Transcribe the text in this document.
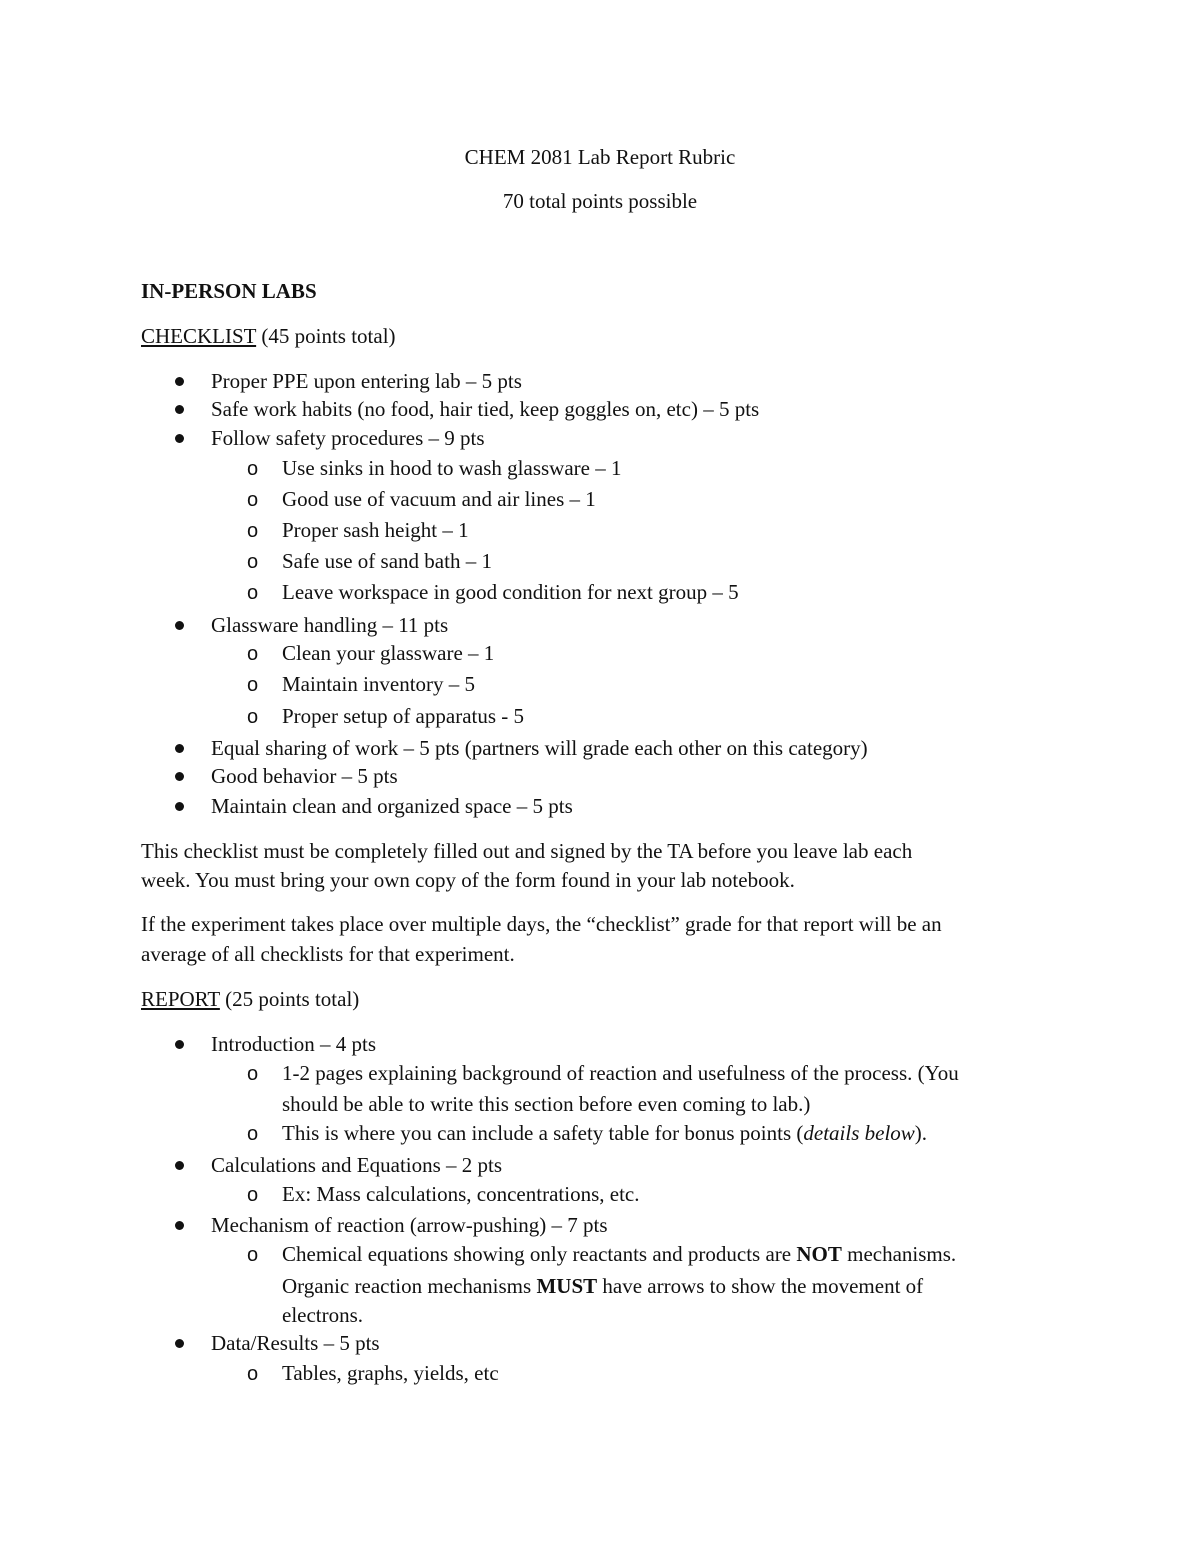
CHEM 2081 Lab Report Rubric
70 total points possible
IN-PERSON LABS
CHECKLIST (45 points total)
Proper PPE upon entering lab – 5 pts
Safe work habits (no food, hair tied, keep goggles on, etc) – 5 pts
Follow safety procedures – 9 pts
o Use sinks in hood to wash glassware – 1
o Good use of vacuum and air lines – 1
o Proper sash height – 1
o Safe use of sand bath – 1
o Leave workspace in good condition for next group – 5
Glassware handling – 11 pts
o Clean your glassware – 1
o Maintain inventory – 5
o Proper setup of apparatus - 5
Equal sharing of work – 5 pts (partners will grade each other on this category)
Good behavior – 5 pts
Maintain clean and organized space – 5 pts
This checklist must be completely filled out and signed by the TA before you leave lab each
week. You must bring your own copy of the form found in your lab notebook.
If the experiment takes place over multiple days, the “checklist” grade for that report will be an
average of all checklists for that experiment.
REPORT (25 points total)
Introduction – 4 pts
o 1-2 pages explaining background of reaction and usefulness of the process. (You
should be able to write this section before even coming to lab.)
o This is where you can include a safety table for bonus points (details below).
Calculations and Equations – 2 pts
o Ex: Mass calculations, concentrations, etc.
Mechanism of reaction (arrow-pushing) – 7 pts
o Chemical equations showing only reactants and products are NOT mechanisms.
Organic reaction mechanisms MUST have arrows to show the movement of
electrons.
Data/Results – 5 pts
o Tables, graphs, yields, etc
